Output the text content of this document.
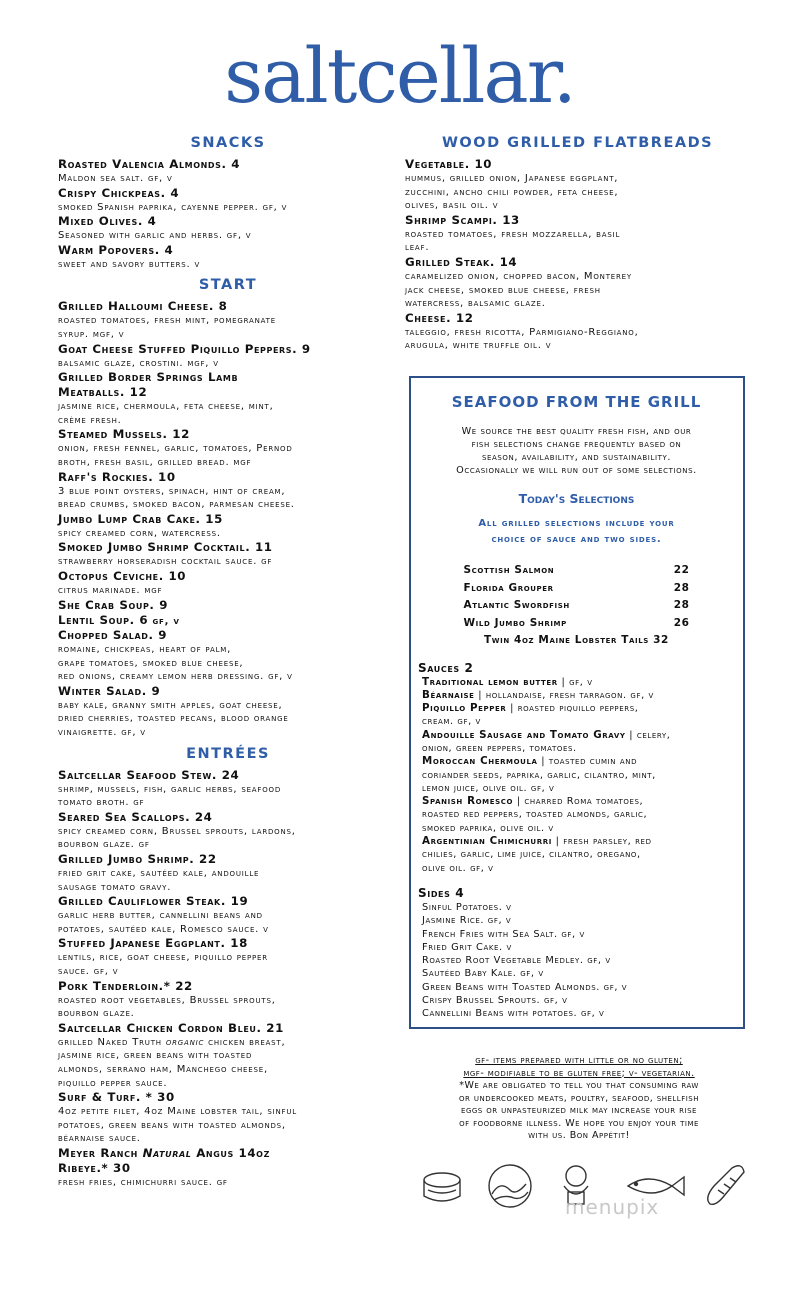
saltcellar.
SNACKS
Roasted Valencia Almonds. 4
Maldon sea salt. gf, v
Crispy Chickpeas. 4
smoked Spanish paprika, cayenne pepper. gf, v
Mixed Olives. 4
Seasoned with garlic and herbs. gf, v
Warm Popovers. 4
sweet and savory butters. v
START
Grilled Halloumi Cheese. 8
roasted tomatoes, fresh mint, pomegranate
syrup. mgf, v
Goat Cheese Stuffed Piquillo Peppers. 9
balsamic glaze, crostini. mgf, v
Grilled Border Springs Lamb
Meatballs. 12
jasmine rice, chermoula, feta cheese, mint,
crème fresh.
Steamed Mussels. 12
onion, fresh fennel, garlic, tomatoes, Pernod
broth, fresh basil, grilled bread. mgf
Raff's Rockies. 10
3 blue point oysters, spinach, hint of cream,
bread crumbs, smoked bacon, parmesan cheese.
Jumbo Lump Crab Cake. 15
spicy creamed corn, watercress.
Smoked Jumbo Shrimp Cocktail. 11
strawberry horseradish cocktail sauce. gf
Octopus Ceviche. 10
citrus marinade. mgf
She Crab Soup. 9
Lentil Soup. 6 gf, v
Chopped Salad. 9
romaine, chickpeas, heart of palm,
grape tomatoes, smoked blue cheese,
red onions, creamy lemon herb dressing. gf, v
Winter Salad. 9
baby kale, granny smith apples, goat cheese,
dried cherries, toasted pecans, blood orange
vinaigrette. gf, v
ENTRÉES
Saltcellar Seafood Stew. 24
shrimp, mussels, fish, garlic herbs, seafood
tomato broth. gf
Seared Sea Scallops. 24
spicy creamed corn, Brussel sprouts, lardons,
bourbon glaze. gf
Grilled Jumbo Shrimp. 22
fried grit cake, sautéed kale, andouille
sausage tomato gravy.
Grilled Cauliflower Steak. 19
garlic herb butter, cannellini beans and
potatoes, sautéed kale, Romesco sauce. v
Stuffed Japanese Eggplant. 18
lentils, rice, goat cheese, piquillo pepper
sauce. gf, v
Pork Tenderloin.* 22
roasted root vegetables, Brussel sprouts,
bourbon glaze.
Saltcellar Chicken Cordon Bleu. 21
grilled Naked Truth organic chicken breast,
jasmine rice, green beans with toasted
almonds, serrano ham, Manchego cheese,
piquillo pepper sauce.
Surf & Turf. * 30
4oz petite filet, 4oz Maine lobster tail, sinful
potatoes, green beans with toasted almonds,
béarnaise sauce.
Meyer Ranch Natural Angus 14oz
Ribeye.* 30
fresh fries, chimichurri sauce. gf
WOOD GRILLED FLATBREADS
Vegetable. 10
hummus, grilled onion, Japanese eggplant,
zucchini, ancho chili powder, feta cheese,
olives, basil oil. v
Shrimp Scampi. 13
roasted tomatoes, fresh mozzarella, basil
leaf.
Grilled Steak. 14
caramelized onion, chopped bacon, Monterey
jack cheese, smoked blue cheese, fresh
watercress, balsamic glaze.
Cheese. 12
taleggio, fresh ricotta, Parmigiano-Reggiano,
arugula, white truffle oil. v
SEAFOOD FROM THE GRILL
We source the best quality fresh fish, and our
fish selections change frequently based on
season, availability, and sustainability.
Occasionally we will run out of some selections.
Today's Selections
All grilled selections include your
choice of sauce and two sides.
Scottish Salmon	22
Florida Grouper	28
Atlantic Swordfish	28
Wild Jumbo Shrimp	26
Twin 4oz Maine Lobster Tails 32
Sauces 2
Traditional lemon butter | gf, v
Béarnaise | hollandaise, fresh tarragon. gf, v
Piquillo Pepper | roasted piquillo peppers,
cream. gf, v
Andouille Sausage and Tomato Gravy | celery,
onion, green peppers, tomatoes.
Moroccan Chermoula | toasted cumin and
coriander seeds, paprika, garlic, cilantro, mint,
lemon juice, olive oil. gf, v
Spanish Romesco | charred Roma tomatoes,
roasted red peppers, toasted almonds, garlic,
smoked paprika, olive oil. v
Argentinian Chimichurri | fresh parsley, red
chilies, garlic, lime juice, cilantro, oregano,
olive oil. gf, v
Sides 4
Sinful Potatoes. v
Jasmine Rice. gf, v
French Fries with Sea Salt. gf, v
Fried Grit Cake. v
Roasted Root Vegetable Medley. gf, v
Sautéed Baby Kale. gf, v
Green Beans with Toasted Almonds. gf, v
Crispy Brussel Sprouts. gf, v
Cannellini Beans with potatoes. gf, v
gf- items prepared with little or no gluten;
mgf- modifiable to be gluten free; v- vegetarian.
*We are obligated to tell you that consuming raw
or undercooked meats, poultry, seafood, shellfish
eggs or unpasteurized milk may increase your rise
of foodborne illness. We hope you enjoy your time
with us. Bon Appétit!
menupix
